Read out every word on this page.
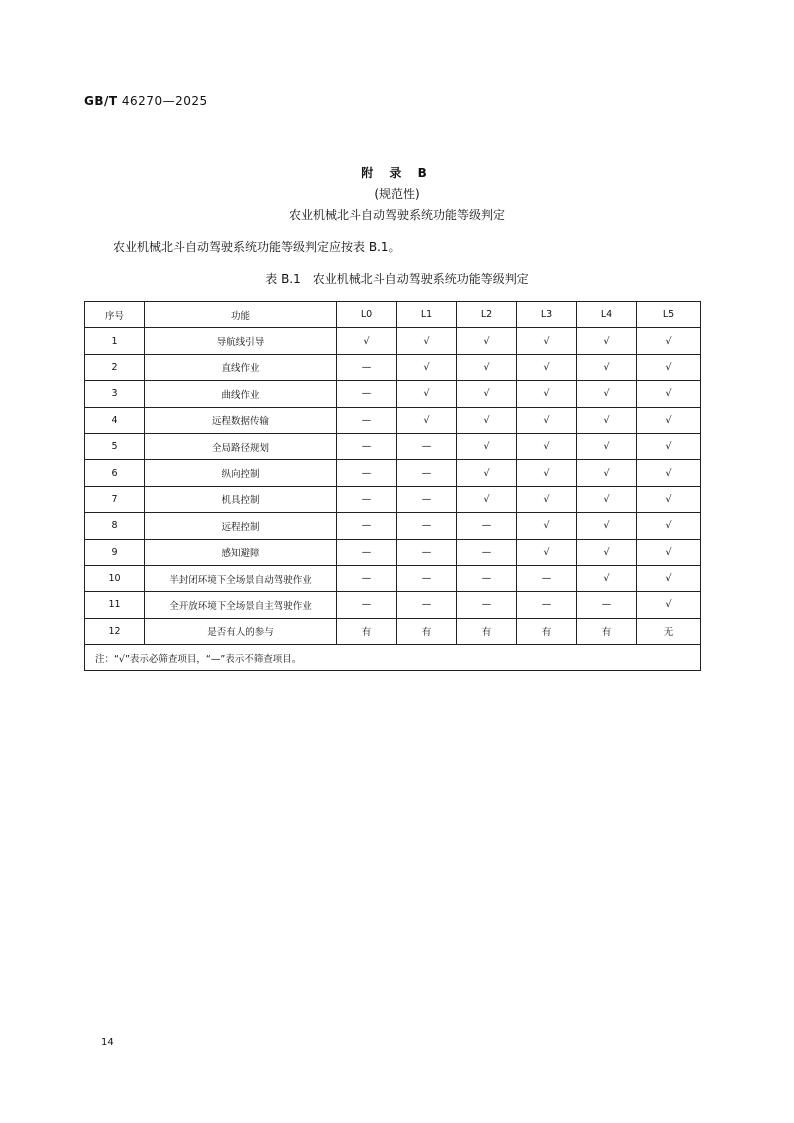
GB/T 46270—2025
附 录 B
(规范性)
农业机械北斗自动驾驶系统功能等级判定
农业机械北斗自动驾驶系统功能等级判定应按表 B.1。
表 B.1　农业机械北斗自动驾驶系统功能等级判定
序号	功能	L0	L1	L2	L3	L4	L5
1	导航线引导	√	√	√	√	√	√
2	直线作业	—	√	√	√	√	√
3	曲线作业	—	√	√	√	√	√
4	远程数据传输	—	√	√	√	√	√
5	全局路径规划	—	—	√	√	√	√
6	纵向控制	—	—	√	√	√	√
7	机具控制	—	—	√	√	√	√
8	远程控制	—	—	—	√	√	√
9	感知避障	—	—	—	√	√	√
10	半封闭环境下全场景自动驾驶作业	—	—	—	—	√	√
11	全开放环境下全场景自主驾驶作业	—	—	—	—	—	√
12	是否有人的参与	有	有	有	有	有	无
注：“√”表示必筛查项目，“—”表示不筛查项目。							
14
